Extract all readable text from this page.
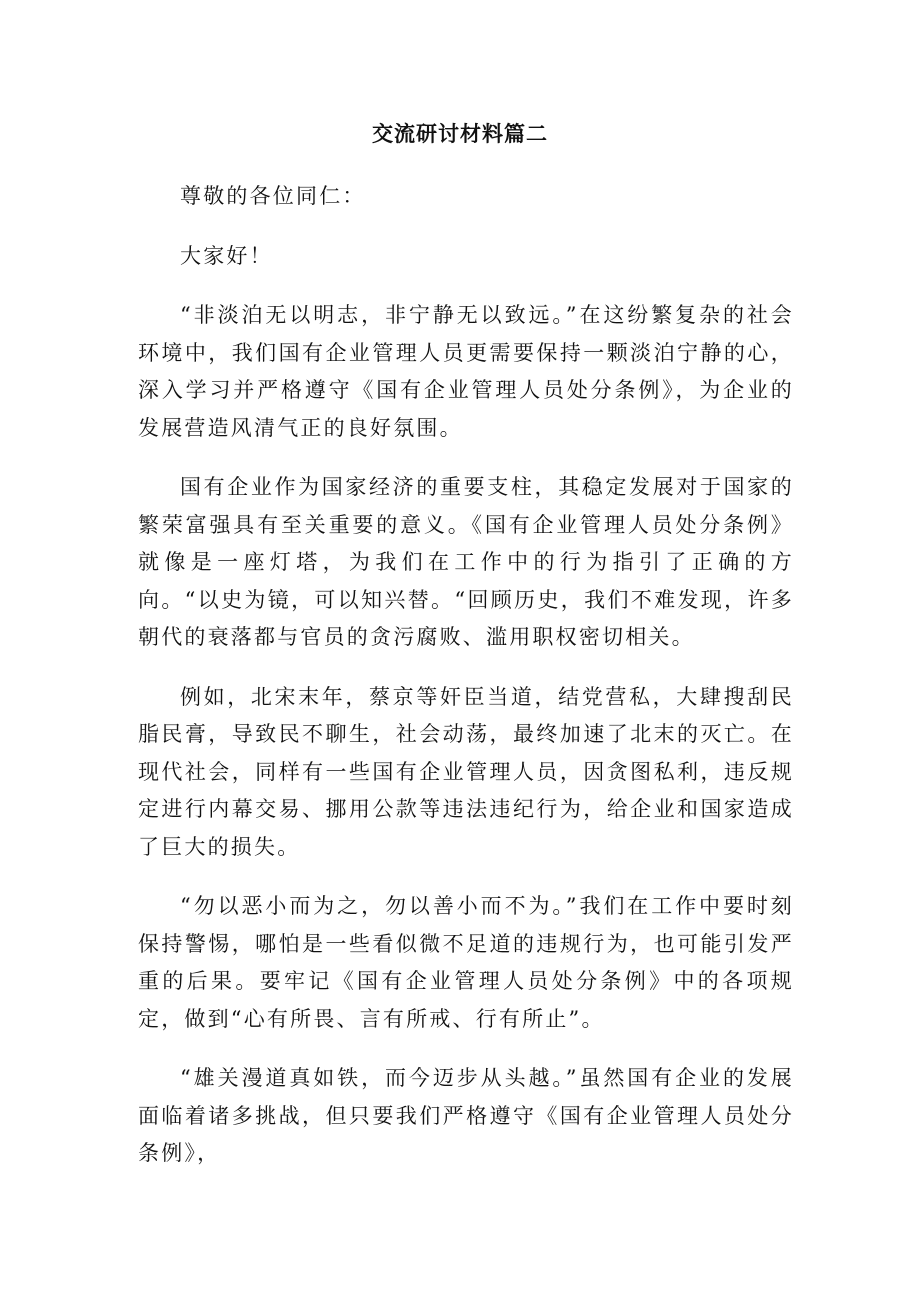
交流研讨材料篇二

尊敬的各位同仁：

大家好！

“非淡泊无以明志，非宁静无以致远。”在这纷繁复杂的社会环境中，我们国有企业管理人员更需要保持一颗淡泊宁静的心，深入学习并严格遵守《国有企业管理人员处分条例》，为企业的发展营造风清气正的良好氛围。

国有企业作为国家经济的重要支柱，其稳定发展对于国家的繁荣富强具有至关重要的意义。《国有企业管理人员处分条例》就像是一座灯塔，为我们在工作中的行为指引了正确的方向。“以史为镜，可以知兴替。“回顾历史，我们不难发现，许多朝代的衰落都与官员的贪污腐败、滥用职权密切相关。

例如，北宋末年，蔡京等奸臣当道，结党营私，大肆搜刮民脂民膏，导致民不聊生，社会动荡，最终加速了北末的灭亡。在现代社会，同样有一些国有企业管理人员，因贪图私利，违反规定进行内幕交易、挪用公款等违法违纪行为，给企业和国家造成了巨大的损失。

“勿以恶小而为之，勿以善小而不为。”我们在工作中要时刻保持警惕，哪怕是一些看似微不足道的违规行为，也可能引发严重的后果。要牢记《国有企业管理人员处分条例》中的各项规定，做到“心有所畏、言有所戒、行有所止”。

“雄关漫道真如铁，而今迈步从头越。”虽然国有企业的发展面临着诸多挑战，但只要我们严格遵守《国有企业管理人员处分条例》，
